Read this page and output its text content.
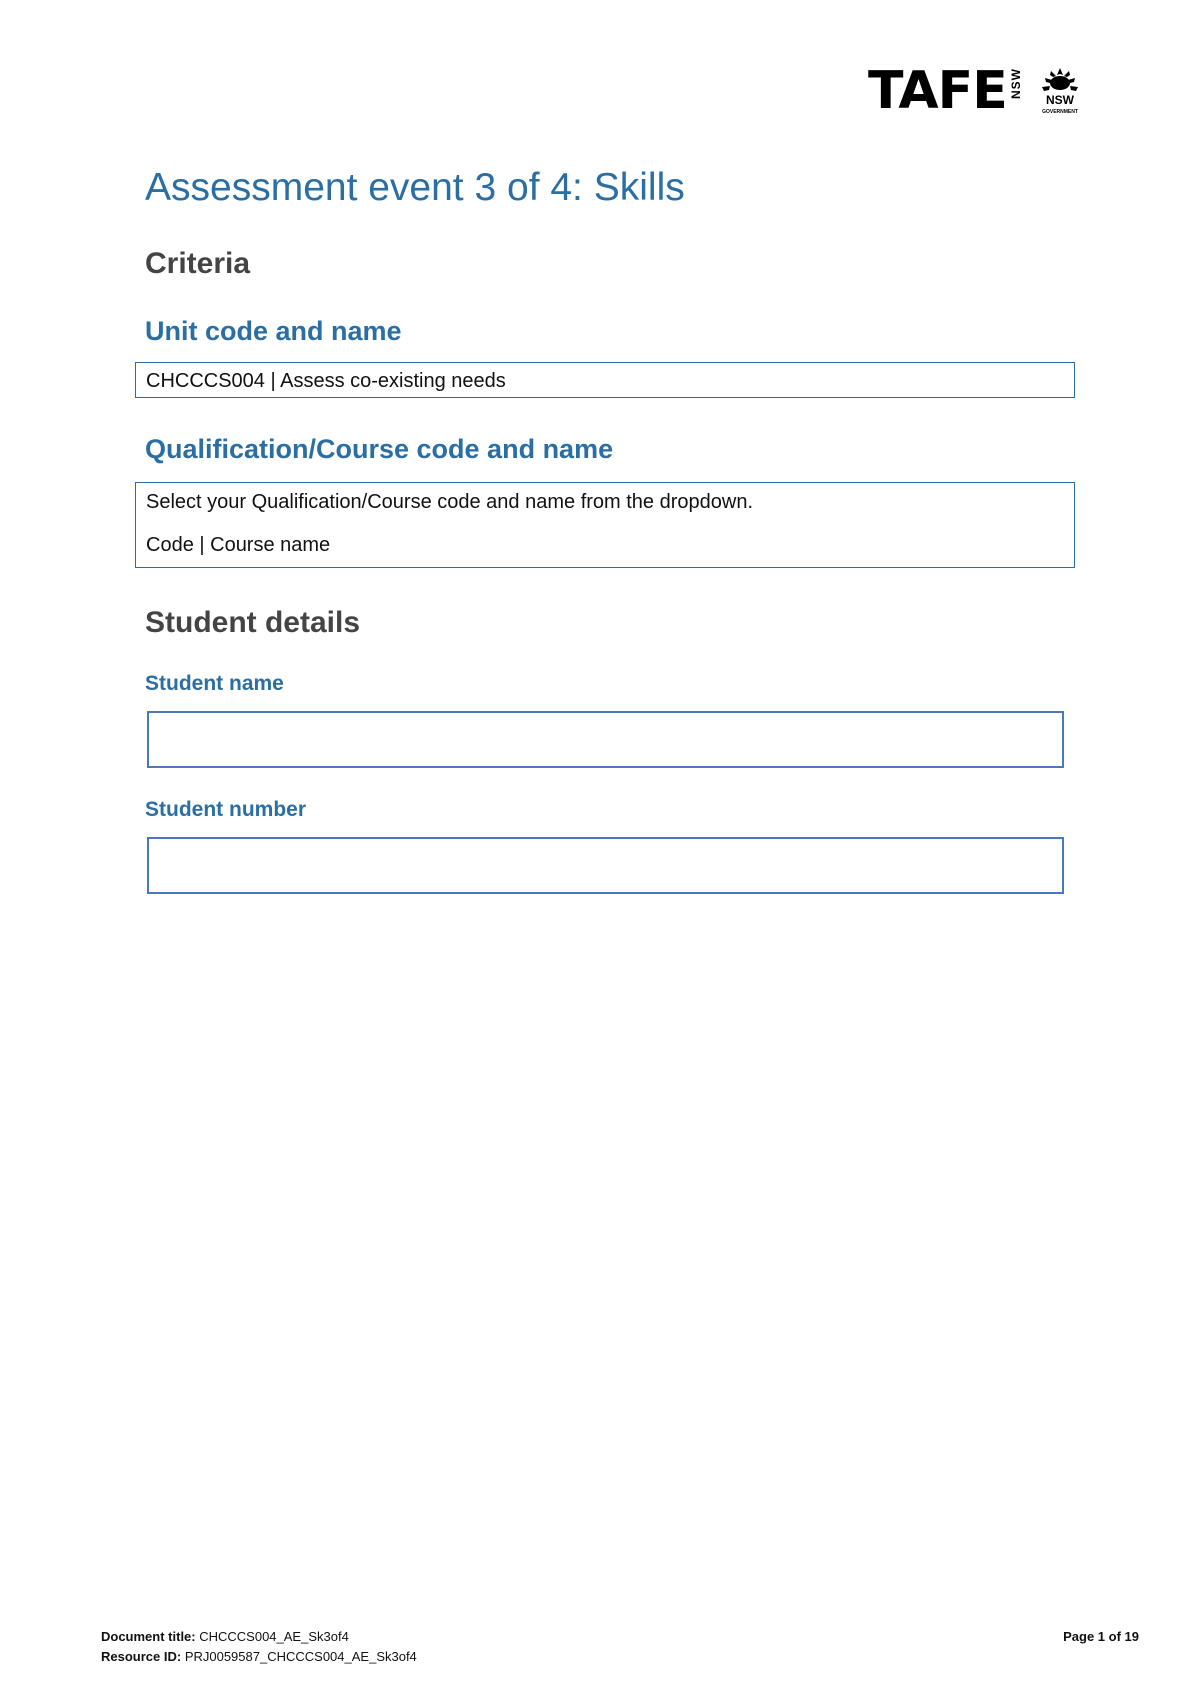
TAFE NSW
NSW
GOVERNMENT
Assessment event 3 of 4: Skills
Criteria
Unit code and name
CHCCCS004 | Assess co-existing needs
Qualification/Course code and name
Select your Qualification/Course code and name from the dropdown.
Code | Course name
Student details
Student name
Student number
Document title: CHCCCS004_AE_Sk3of4
Resource ID: PRJ0059587_CHCCCS004_AE_Sk3of4
Page 1 of 19
